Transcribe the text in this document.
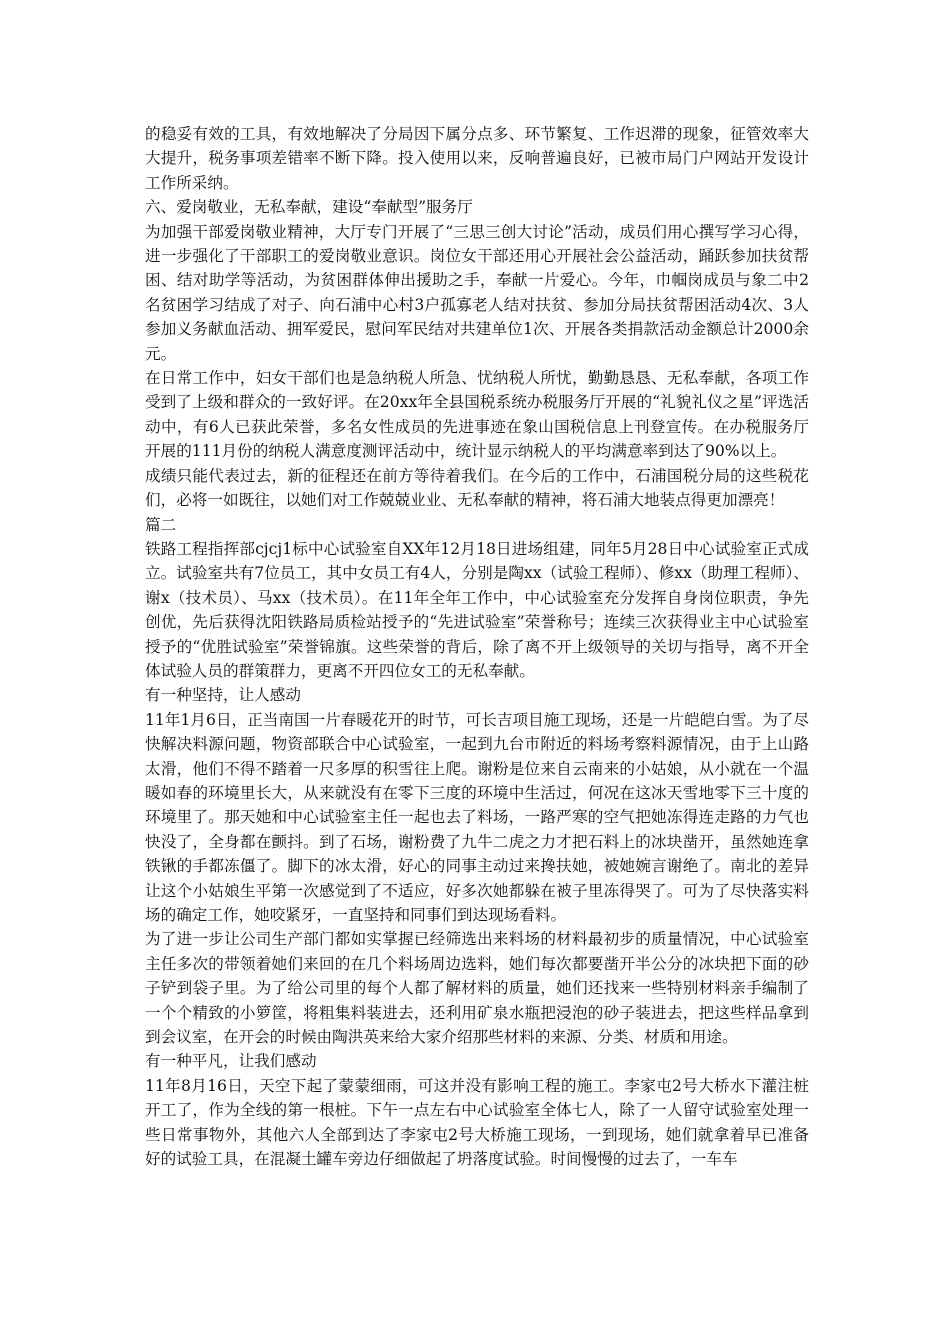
的稳妥有效的工具，有效地解决了分局因下属分点多、环节繁复、工作迟滞的现象，征管效率大大提升，税务事项差错率不断下降。投入使用以来，反响普遍良好，已被市局门户网站开发设计工作所采纳。

六、爱岗敬业，无私奉献，建设“奉献型”服务厅

为加强干部爱岗敬业精神，大厅专门开展了“三思三创大讨论”活动，成员们用心撰写学习心得，进一步强化了干部职工的爱岗敬业意识。岗位女干部还用心开展社会公益活动，踊跃参加扶贫帮困、结对助学等活动，为贫困群体伸出援助之手，奉献一片爱心。今年，巾帼岗成员与象二中2名贫困学习结成了对子、向石浦中心村3户孤寡老人结对扶贫、参加分局扶贫帮困活动4次、3人参加义务献血活动、拥军爱民，慰问军民结对共建单位1次、开展各类捐款活动金额总计2000余元。

在日常工作中，妇女干部们也是急纳税人所急、忧纳税人所忧，勤勤恳恳、无私奉献，各项工作受到了上级和群众的一致好评。在20xx年全县国税系统办税服务厅开展的“礼貌礼仪之星”评选活动中，有6人已获此荣誉，多名女性成员的先进事迹在象山国税信息上刊登宣传。在办税服务厅开展的111月份的纳税人满意度测评活动中，统计显示纳税人的平均满意率到达了90%以上。

成绩只能代表过去，新的征程还在前方等待着我们。在今后的工作中，石浦国税分局的这些税花们，必将一如既往，以她们对工作兢兢业业、无私奉献的精神，将石浦大地装点得更加漂亮！

篇二

铁路工程指挥部cjcj1标中心试验室自XX年12月18日进场组建，同年5月28日中心试验室正式成立。试验室共有7位员工，其中女员工有4人，分别是陶xx（试验工程师）、修xx（助理工程师）、谢x（技术员）、马xx（技术员）。在11年全年工作中，中心试验室充分发挥自身岗位职责，争先创优，先后获得沈阳铁路局质检站授予的“先进试验室”荣誉称号；连续三次获得业主中心试验室授予的“优胜试验室”荣誉锦旗。这些荣誉的背后，除了离不开上级领导的关切与指导，离不开全体试验人员的群策群力，更离不开四位女工的无私奉献。

有一种坚持，让人感动

11年1月6日，正当南国一片春暖花开的时节，可长吉项目施工现场，还是一片皑皑白雪。为了尽快解决料源问题，物资部联合中心试验室，一起到九台市附近的料场考察料源情况，由于上山路太滑，他们不得不踏着一尺多厚的积雪往上爬。谢粉是位来自云南来的小姑娘，从小就在一个温暖如春的环境里长大，从来就没有在零下三度的环境中生活过，何况在这冰天雪地零下三十度的环境里了。那天她和中心试验室主任一起也去了料场，一路严寒的空气把她冻得连走路的力气也快没了，全身都在颤抖。到了石场，谢粉费了九牛二虎之力才把石料上的冰块凿开，虽然她连拿铁锹的手都冻僵了。脚下的冰太滑，好心的同事主动过来搀扶她，被她婉言谢绝了。南北的差异让这个小姑娘生平第一次感觉到了不适应，好多次她都躲在被子里冻得哭了。可为了尽快落实料场的确定工作，她咬紧牙，一直坚持和同事们到达现场看料。

为了进一步让公司生产部门都如实掌握已经筛选出来料场的材料最初步的质量情况，中心试验室主任多次的带领着她们来回的在几个料场周边选料，她们每次都要凿开半公分的冰块把下面的砂子铲到袋子里。为了给公司里的每个人都了解材料的质量，她们还找来一些特别材料亲手编制了一个个精致的小箩筐，将粗集料装进去，还利用矿泉水瓶把浸泡的砂子装进去，把这些样品拿到到会议室，在开会的时候由陶洪英来给大家介绍那些材料的来源、分类、材质和用途。

有一种平凡，让我们感动

11年8月16日，天空下起了蒙蒙细雨，可这并没有影响工程的施工。李家屯2号大桥水下灌注桩开工了，作为全线的第一根桩。下午一点左右中心试验室全体七人，除了一人留守试验室处理一些日常事物外，其他六人全部到达了李家屯2号大桥施工现场，一到现场，她们就拿着早已准备好的试验工具，在混凝土罐车旁边仔细做起了坍落度试验。时间慢慢的过去了，一车车
